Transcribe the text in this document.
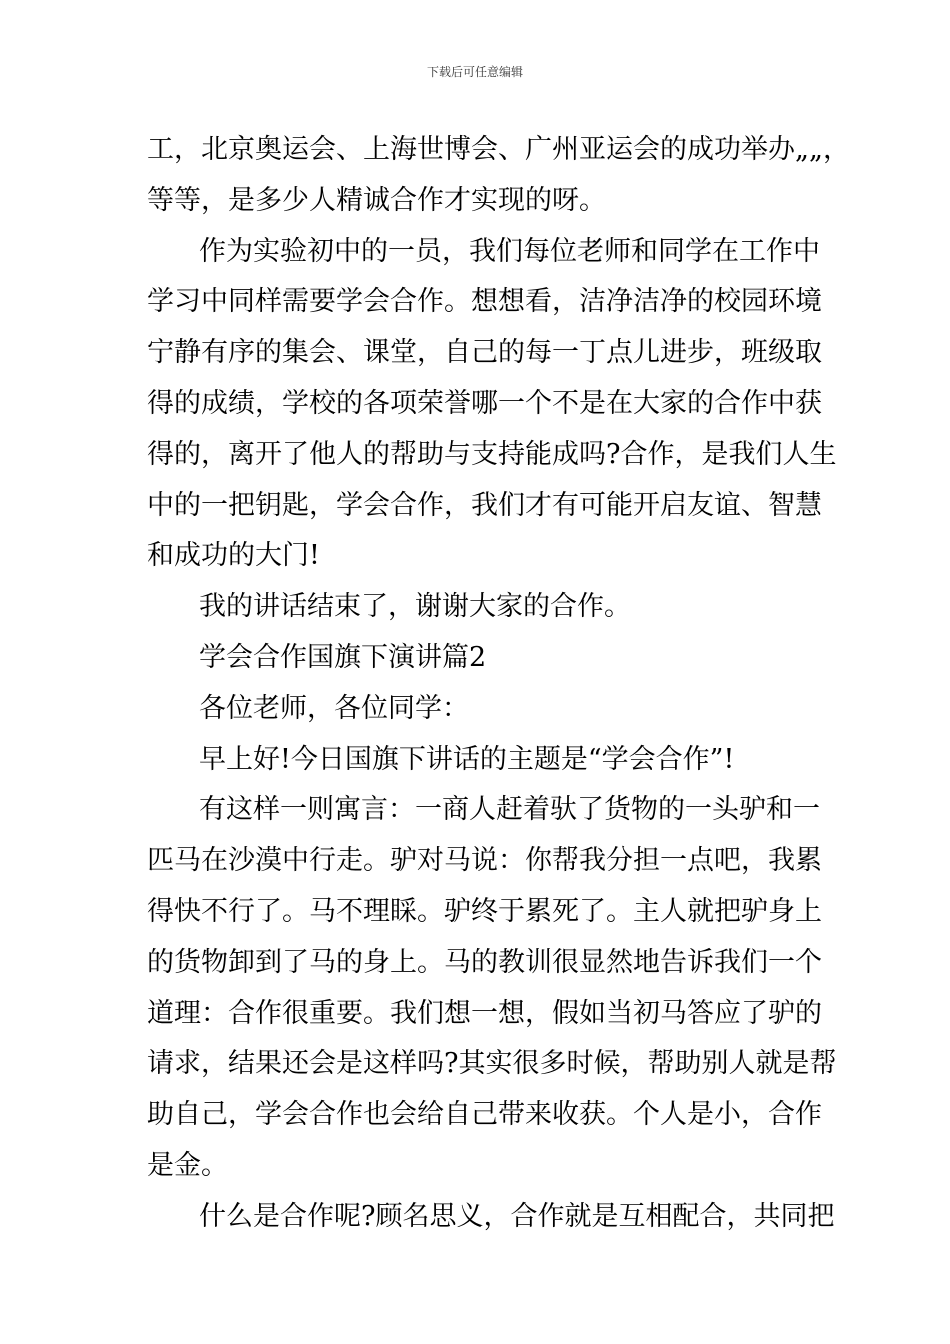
下载后可任意编辑
工，北京奥运会、上海世博会、广州亚运会的成功举办„„，
等等，是多少人精诚合作才实现的呀。
作为实验初中的一员，我们每位老师和同学在工作中
学习中同样需要学会合作。想想看，洁净洁净的校园环境
宁静有序的集会、课堂，自己的每一丁点儿进步，班级取
得的成绩，学校的各项荣誉哪一个不是在大家的合作中获
得的，离开了他人的帮助与支持能成吗?合作，是我们人生
中的一把钥匙，学会合作，我们才有可能开启友谊、智慧
和成功的大门!
我的讲话结束了，谢谢大家的合作。
学会合作国旗下演讲篇2
各位老师，各位同学：
早上好!今日国旗下讲话的主题是“学会合作”!
有这样一则寓言：一商人赶着驮了货物的一头驴和一
匹马在沙漠中行走。驴对马说：你帮我分担一点吧，我累
得快不行了。马不理睬。驴终于累死了。主人就把驴身上
的货物卸到了马的身上。马的教训很显然地告诉我们一个
道理：合作很重要。我们想一想，假如当初马答应了驴的
请求，结果还会是这样吗?其实很多时候，帮助别人就是帮
助自己，学会合作也会给自己带来收获。个人是小，合作
是金。
什么是合作呢?顾名思义，合作就是互相配合，共同把
